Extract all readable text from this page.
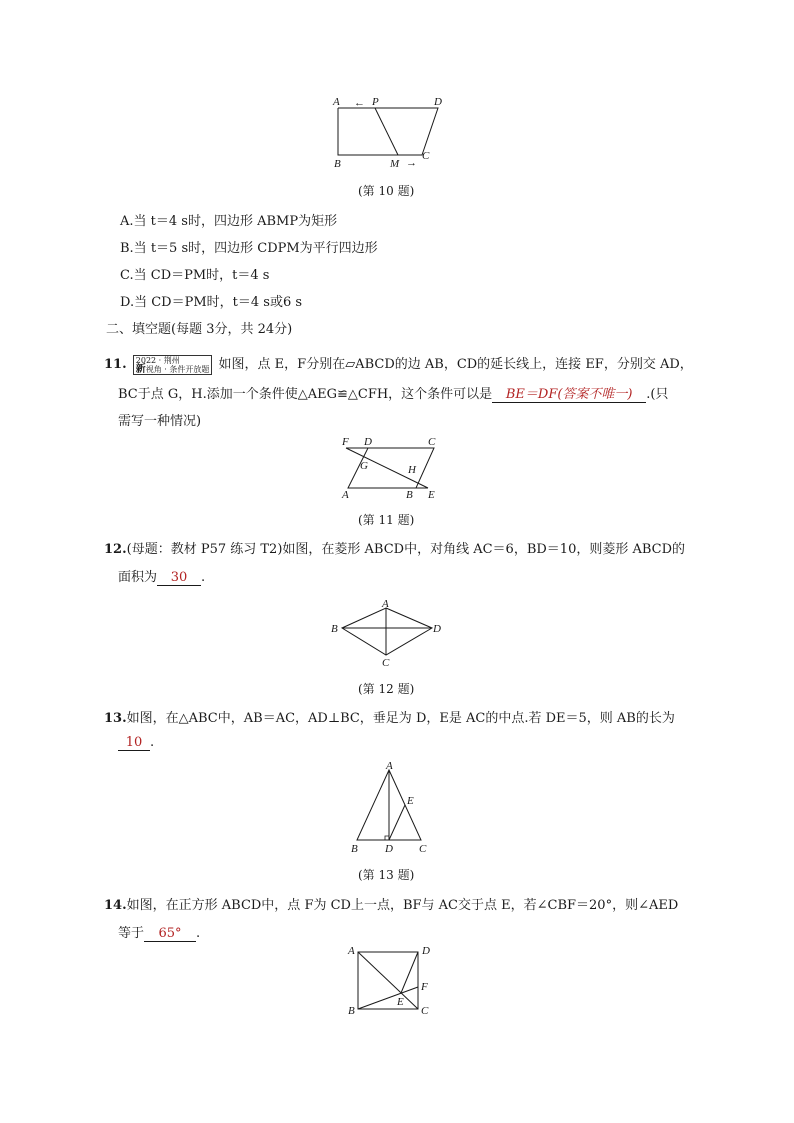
A ← P	D
B	M →
C
(第 10 题)
A.当 t＝4 s时，四边形 ABMP为矩形
B.当 t＝5 s时，四边形 CDPM为平行四边形
C.当 CD＝PM时，t＝4 s
D.当 CD＝PM时，t＝4 s或6 s
二、填空题(每题 3分，共 24分)
11. 2022 · 荆州
新视角 · 条件开放题 如图，点 E，F分别在▱ABCD的边 AB，CD的延长线上，连接 EF，分别交 AD，
BC于点 G，H.添加一个条件使△AEG≌△CFH，这个条件可以是 BE＝DF(答案不唯一) .(只
需写一种情况)
F D	C
G	H
A	B E
(第 11 题)
12.(母题：教材 P57 练习 T2)如图，在菱形 ABCD中，对角线 AC＝6，BD＝10，则菱形 ABCD的
面积为 30 .
A
B	D
C
(第 12 题)
13.如图，在△ABC中，AB＝AC，AD⊥BC，垂足为 D，E是 AC的中点.若 DE＝5，则 AB的长为
10 .
A
E
B D C
(第 13 题)
14.如图，在正方形 ABCD中，点 F为 CD上一点，BF与 AC交于点 E，若∠CBF＝20°，则∠AED
等于 65° .
A	D
F
E
B	C
